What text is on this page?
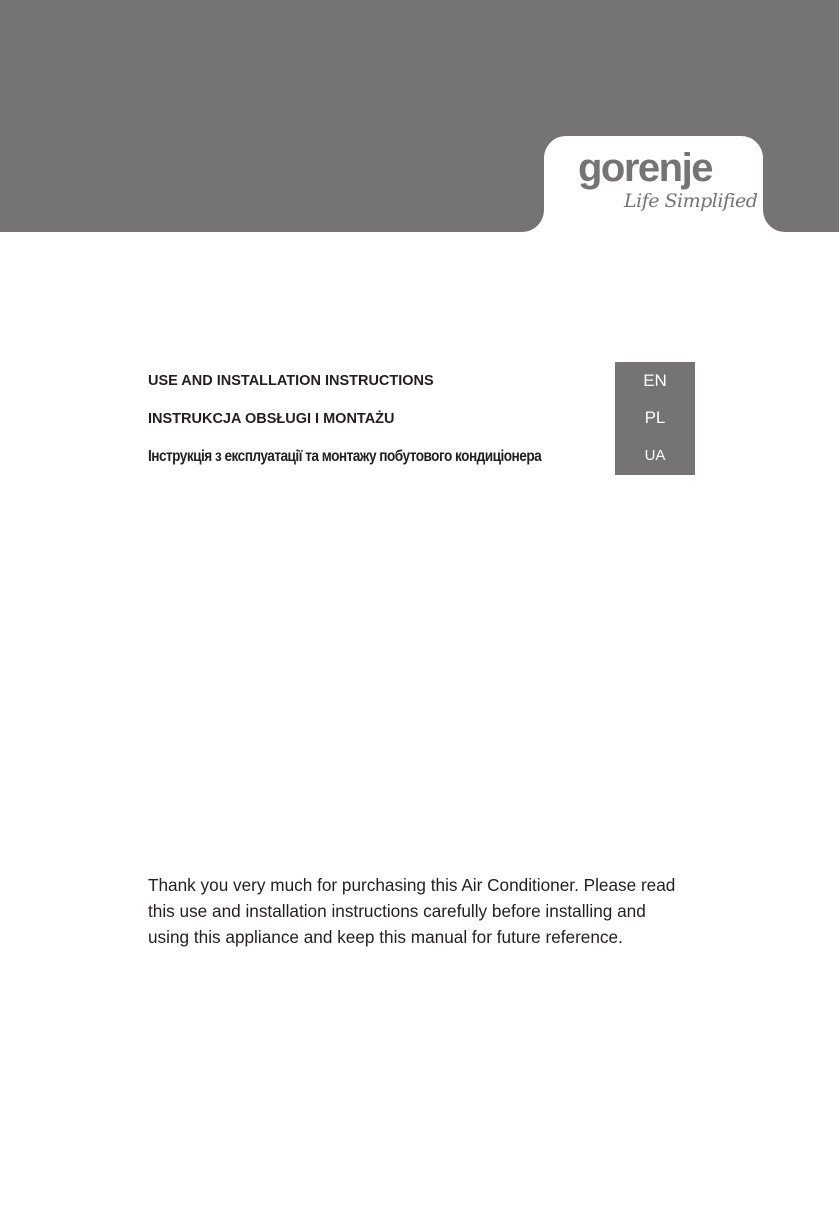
gorenje
Life Simplified
USE AND INSTALLATION INSTRUCTIONS
INSTRUKCJA OBSŁUGI I MONTAŻU
Інструкція з експлуатації та монтажу побутового кондиціонера
EN
PL
UA
Thank you very much for purchasing this Air Conditioner. Please read
this use and installation instructions carefully before installing and
using this appliance and keep this manual for future reference.
